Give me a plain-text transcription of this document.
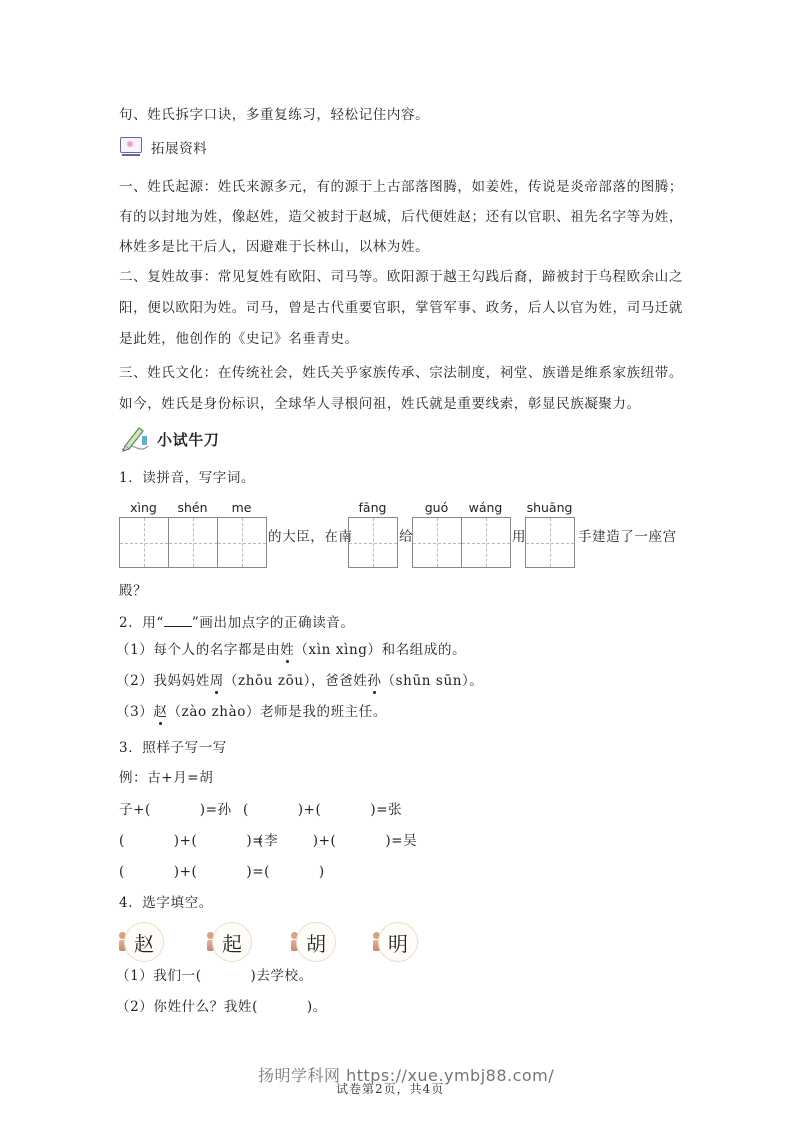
句、姓氏拆字口诀，多重复练习，轻松记住内容。
拓展资料
一、姓氏起源：姓氏来源多元，有的源于上古部落图腾，如姜姓，传说是炎帝部落的图腾；
有的以封地为姓，像赵姓，造父被封于赵城，后代便姓赵；还有以官职、祖先名字等为姓，
林姓多是比干后人，因避难于长林山，以林为姓。
二、复姓故事：常见复姓有欧阳、司马等。欧阳源于越王勾践后裔，蹄被封于乌程欧余山之
阳，便以欧阳为姓。司马，曾是古代重要官职，掌管军事、政务，后人以官为姓，司马迁就
是此姓，他创作的《史记》名垂青史。
三、姓氏文化：在传统社会，姓氏关乎家族传承、宗法制度，祠堂、族谱是维系家族纽带。
如今，姓氏是身份标识，全球华人寻根问祖，姓氏就是重要线索，彰显民族凝聚力。
小试牛刀
1．读拼音，写字词。
xìng	shén	me	fāng	guó	wáng	shuāng
的大臣，在南	给	用	手建造了一座宫
殿？
2．用“ ”画出加点字的正确读音。
（1）每个人的名字都是由姓（xìn xìng）和名组成的。
（2）我妈妈姓周（zhōu zōu），爸爸姓孙（shūn sūn）。
（3）赵（zào zhào）老师是我的班主任。
3．照样子写一写
例：古+月=胡
子+(          )=孙 (          )+(          )=张
(          )+(          )=李
(          )+(          )=吴
(          )+(          )=(          )
4．选字填空。
赵	起	胡	明
（1）我们一(          )去学校。
（2）你姓什么？我姓(          )。
试卷第2页，共4页
扬明学科网 https://xue.ymbj88.com/
